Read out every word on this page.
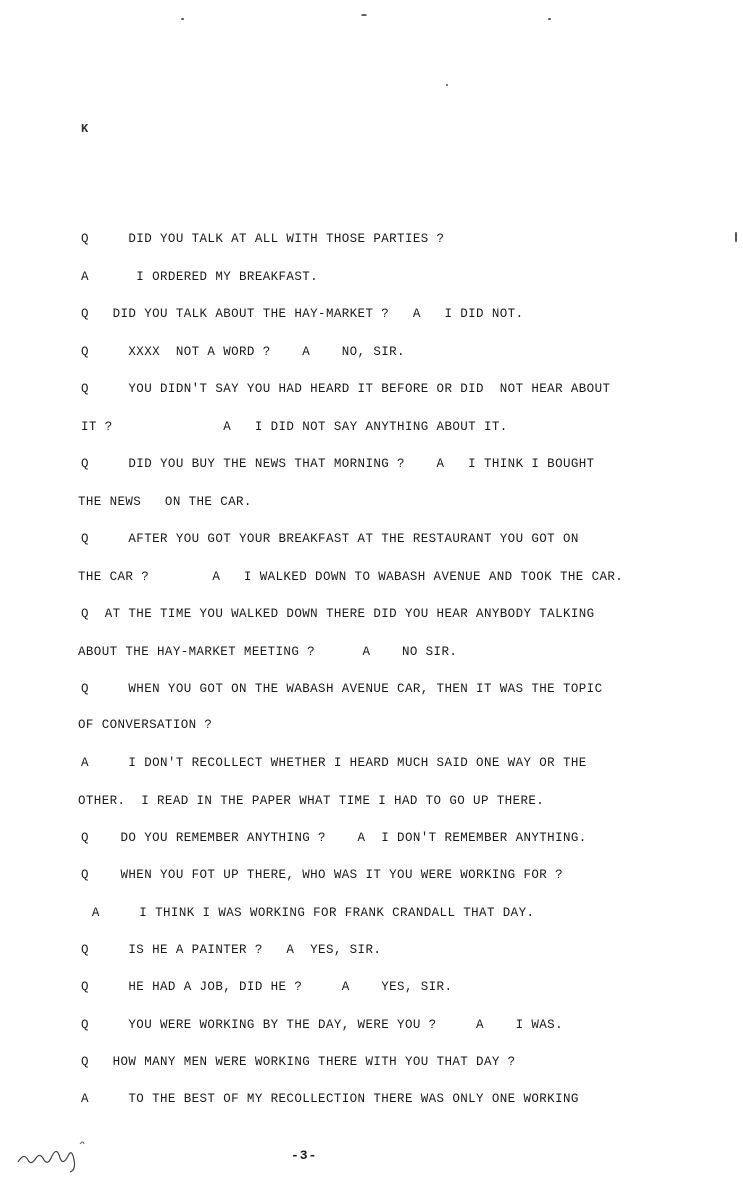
K
Q     DID YOU TALK AT ALL WITH THOSE PARTIES ?
A      I ORDERED MY BREAKFAST.
Q   DID YOU TALK ABOUT THE HAY-MARKET ?   A   I DID NOT.
Q     XXXX  NOT A WORD ?    A    NO, SIR.
Q     YOU DIDN'T SAY YOU HAD HEARD IT BEFORE OR DID  NOT HEAR ABOUT
IT ?              A   I DID NOT SAY ANYTHING ABOUT IT.
Q     DID YOU BUY THE NEWS THAT MORNING ?    A   I THINK I BOUGHT
THE NEWS   ON THE CAR.
Q     AFTER YOU GOT YOUR BREAKFAST AT THE RESTAURANT YOU GOT ON
THE CAR ?        A   I WALKED DOWN TO WABASH AVENUE AND TOOK THE CAR.
Q  AT THE TIME YOU WALKED DOWN THERE DID YOU HEAR ANYBODY TALKING
ABOUT THE HAY-MARKET MEETING ?      A    NO SIR.
Q     WHEN YOU GOT ON THE WABASH AVENUE CAR, THEN IT WAS THE TOPIC
OF CONVERSATION ?
A     I DON'T RECOLLECT WHETHER I HEARD MUCH SAID ONE WAY OR THE
OTHER.  I READ IN THE PAPER WHAT TIME I HAD TO GO UP THERE.
Q    DO YOU REMEMBER ANYTHING ?    A  I DON'T REMEMBER ANYTHING.
Q    WHEN YOU FOT UP THERE, WHO WAS IT YOU WERE WORKING FOR ?
A     I THINK I WAS WORKING FOR FRANK CRANDALL THAT DAY.
Q     IS HE A PAINTER ?   A  YES, SIR.
Q     HE HAD A JOB, DID HE ?     A    YES, SIR.
Q     YOU WERE WORKING BY THE DAY, WERE YOU ?     A    I WAS.
Q   HOW MANY MEN WERE WORKING THERE WITH YOU THAT DAY ?
A     TO THE BEST OF MY RECOLLECTION THERE WAS ONLY ONE WORKING
-3-
